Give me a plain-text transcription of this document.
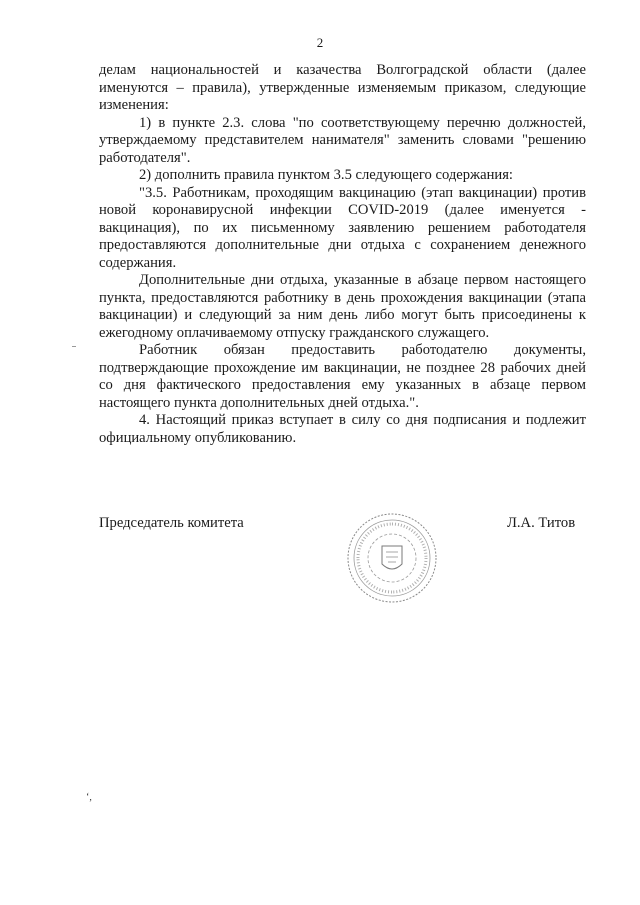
2

делам национальностей и казачества Волгоградской области (далее именуются – правила), утвержденные изменяемым приказом, следующие изменения:

1) в пункте 2.3. слова "по соответствующему перечню должностей, утверждаемому представителем нанимателя" заменить словами "решению работодателя".

2) дополнить правила пунктом 3.5 следующего содержания:

"3.5. Работникам, проходящим вакцинацию (этап вакцинации) против новой коронавирусной инфекции COVID-2019 (далее именуется - вакцинация), по их письменному заявлению решением работодателя предоставляются дополнительные дни отдыха с сохранением денежного содержания.

Дополнительные дни отдыха, указанные в абзаце первом настоящего пункта, предоставляются работнику в день прохождения вакцинации (этапа вакцинации) и следующий за ним день либо могут быть присоединены к ежегодному оплачиваемому отпуску гражданского служащего.

Работник обязан предоставить работодателю документы, подтверждающие прохождение им вакцинации, не позднее 28 рабочих дней со дня фактического предоставления ему указанных в абзаце первом настоящего пункта дополнительных дней отдыха.".

4. Настоящий приказ вступает в силу со дня подписания и подлежит официальному опубликованию.

Председатель комитета	Л.А. Титов
‘,
